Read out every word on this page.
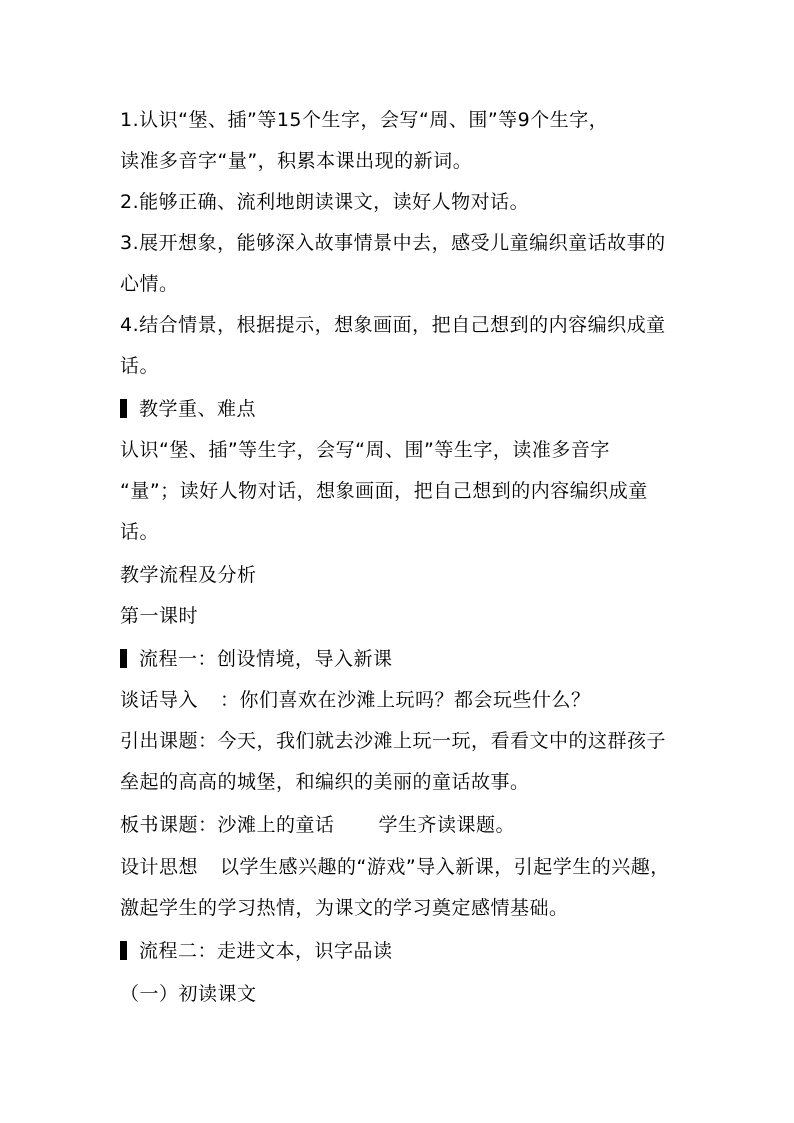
1.认识“堡、插”等15个生字，会写“周、围”等9个生字，
读准多音字“量”，积累本课出现的新词。
2.能够正确、流利地朗读课文，读好人物对话。
3.展开想象，能够深入故事情景中去，感受儿童编织童话故事的
心情。
4.结合情景，根据提示，想象画面，把自己想到的内容编织成童
话。
教学重、难点
认识“堡、插”等生字，会写“周、围”等生字，读准多音字
“量”；读好人物对话，想象画面，把自己想到的内容编织成童
话。
教学流程及分析
第一课时
流程一：创设情境，导入新课
谈话导入 ：你们喜欢在沙滩上玩吗？都会玩些什么？
引出课题：今天，我们就去沙滩上玩一玩，看看文中的这群孩子
垒起的高高的城堡，和编织的美丽的童话故事。
板书课题：沙滩上的童话 学生齐读课题。
设计思想 以学生感兴趣的“游戏”导入新课，引起学生的兴趣，
激起学生的学习热情，为课文的学习奠定感情基础。
流程二：走进文本，识字品读
（一）初读课文
